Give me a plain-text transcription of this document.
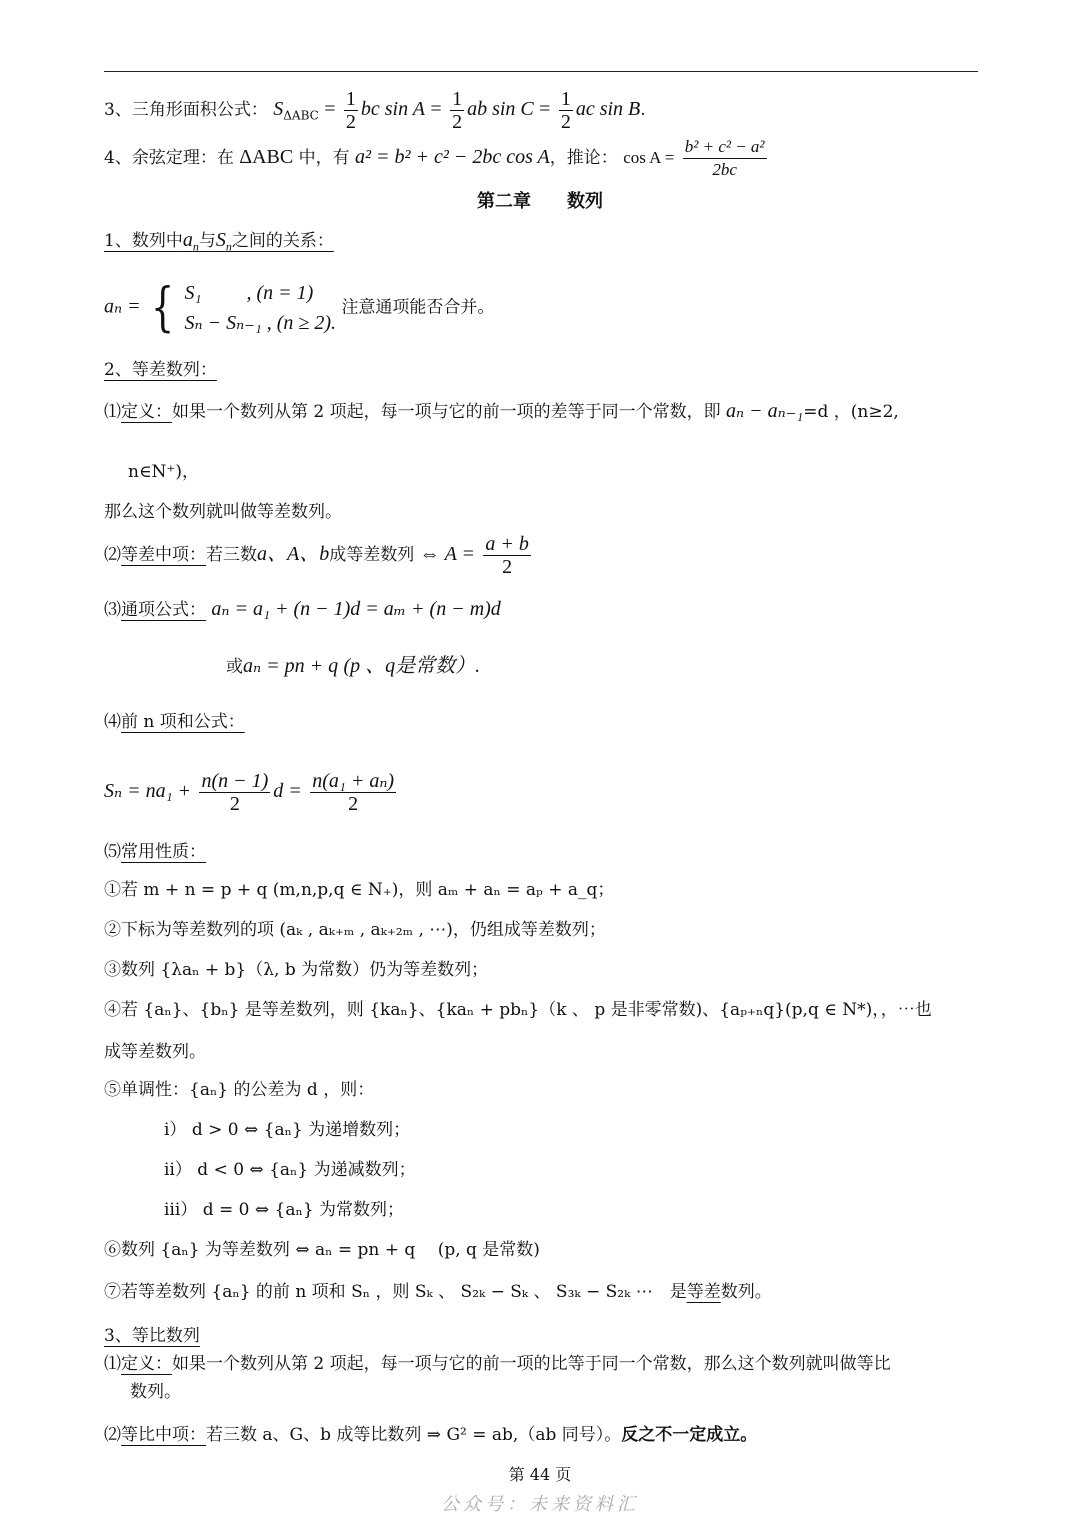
3、三角形面积公式： $S_{\Delta ABC} = \frac{1}{2}$ bc $\sin A = \frac{1}{2}$ ab $\sin C = \frac{1}{2}$ ac sin B.
4、余弦定理：在 ΔABC 中，有 a² = b² + c² − 2bc cos A，推论： $\cos A = \frac{\text{b² + c² − a²}}{2bc}$
第二章　　数列
1、数列中$a_n$与$S_n$之间的关系：
aₙ = { S₁　　 , (n = 1)
Sₙ − Sₙ₋₁ , (n ≥ 2).
注意通项能否合并。
2、等差数列：
⑴定义：如果一个数列从第 2 项起，每一项与它的前一项的差等于同一个常数，即 aₙ − aₙ₋₁=d ，(n≥2,
n∈N⁺)，
那么这个数列就叫做等差数列。
⑵等差中项：若三数a、A、b成等差数列 ⇔ $A = \frac{a + b}{2}$
⑶通项公式： aₙ = a₁ + (n − 1)d = aₘ + (n − m)d
或aₙ = pn + q (p 、q是常数）.
⑷前 n 项和公式：
$S_n = na_1 + \frac{n(n - 1)}{2}$ $d = \frac{\text{n(a₁ + aₙ)}}{2}$
⑸常用性质：
①若 m + n = p + q (m,n,p,q ∈ N₊)，则 aₘ + aₙ = aₚ + a_q；
②下标为等差数列的项 (aₖ , aₖ₊ₘ , aₖ₊₂ₘ , ⋯)，仍组成等差数列；
③数列 {λaₙ + b}（λ, b 为常数）仍为等差数列；
④若 {aₙ}、{bₙ} 是等差数列，则 {kaₙ}、{kaₙ + pbₙ}（k 、 p 是非零常数)、{aₚ₊ₙq}(p,q ∈ N*)，，⋯也
成等差数列。
⑤单调性：{aₙ} 的公差为 d ，则：
ⅰ） d > 0 ⇔ {aₙ} 为递增数列；
ⅱ） d < 0 ⇔ {aₙ} 为递减数列；
ⅲ） d = 0 ⇔ {aₙ} 为常数列；
⑥数列 {aₙ} 为等差数列 ⇔ aₙ = pn + q　 (p, q 是常数)
⑦若等差数列 {aₙ} 的前 n 项和 Sₙ ，则 Sₖ 、 S₂ₖ − Sₖ 、 S₃ₖ − S₂ₖ ⋯　是等差数列。
3、等比数列
⑴定义：如果一个数列从第 2 项起，每一项与它的前一项的比等于同一个常数，那么这个数列就叫做等比
数列。
⑵等比中项：若三数 a、G、b 成等比数列 ⇒ G² = ab,（ab 同号）。反之不一定成立。
第 44 页
公众号：未来资料汇
